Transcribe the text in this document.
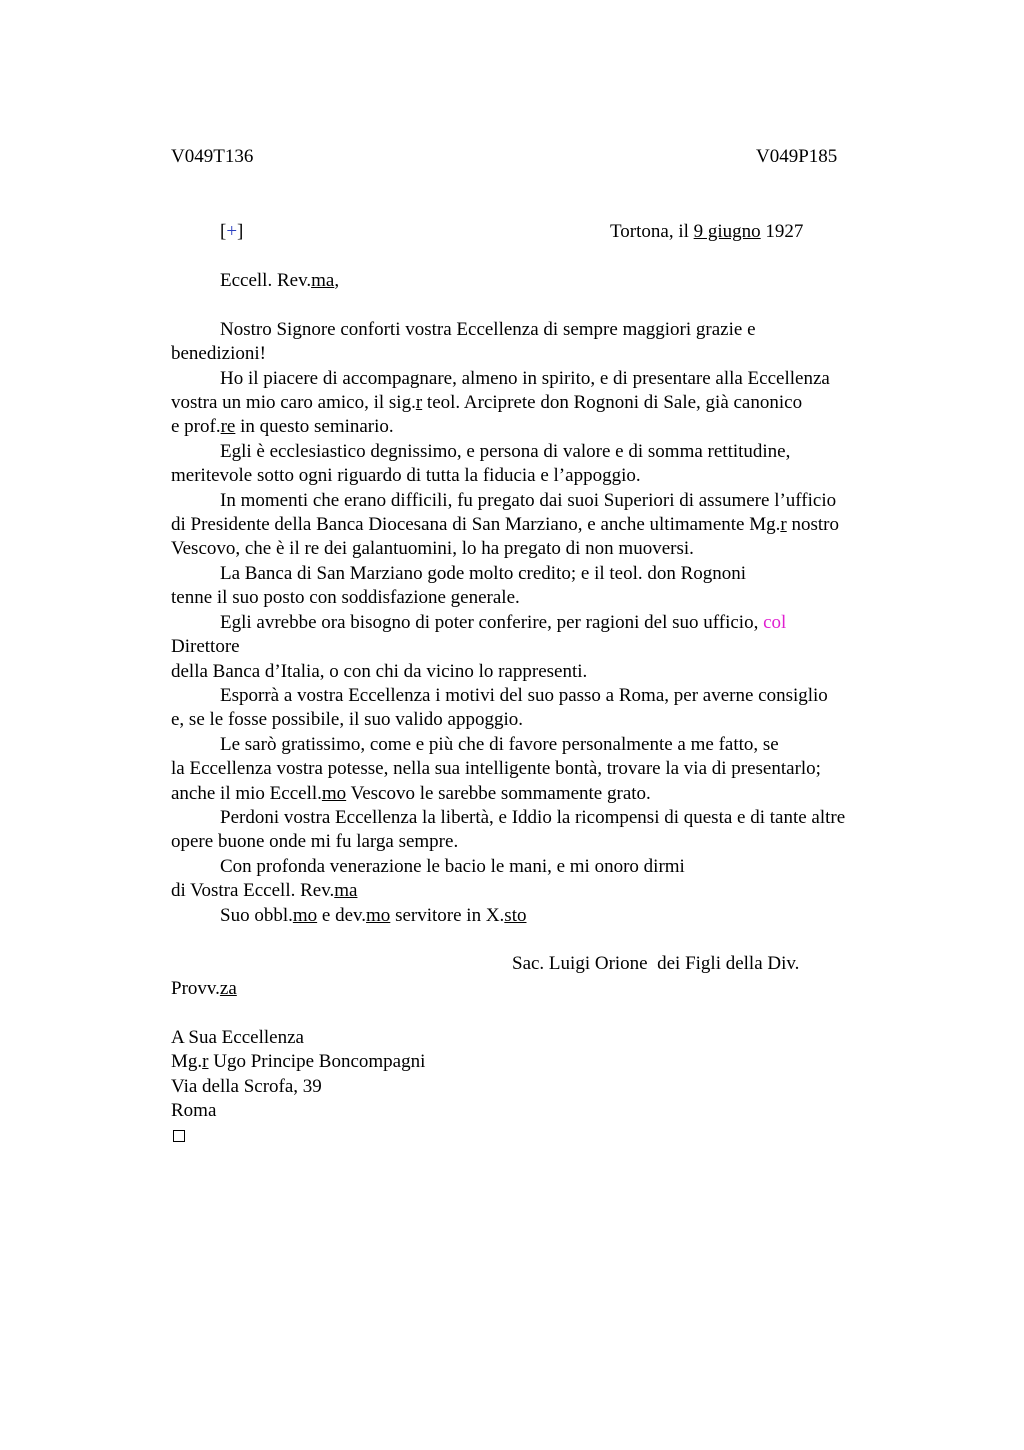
V049T136	V049P185
[+]	Tortona, il 9 giugno 1927
Eccell. Rev.ma,
Nostro Signore conforti vostra Eccellenza di sempre maggiori grazie e
benedizioni!
Ho il piacere di accompagnare, almeno in spirito, e di presentare alla Eccellenza
vostra un mio caro amico, il sig.r teol. Arciprete don Rognoni di Sale, già canonico
e prof.re in questo seminario.
Egli è ecclesiastico degnissimo, e persona di valore e di somma rettitudine,
meritevole sotto ogni riguardo di tutta la fiducia e l’appoggio.
In momenti che erano difficili, fu pregato dai suoi Superiori di assumere l’ufficio
di Presidente della Banca Diocesana di San Marziano, e anche ultimamente Mg.r nostro
Vescovo, che è il re dei galantuomini, lo ha pregato di non muoversi.
La Banca di San Marziano gode molto credito; e il teol. don Rognoni
tenne il suo posto con soddisfazione generale.
Egli avrebbe ora bisogno di poter conferire, per ragioni del suo ufficio, col
Direttore
della Banca d’Italia, o con chi da vicino lo rappresenti.
Esporrà a vostra Eccellenza i motivi del suo passo a Roma, per averne consiglio
e, se le fosse possibile, il suo valido appoggio.
Le sarò gratissimo, come e più che di favore personalmente a me fatto, se
la Eccellenza vostra potesse, nella sua intelligente bontà, trovare la via di presentarlo;
anche il mio Eccell.mo Vescovo le sarebbe sommamente grato.
Perdoni vostra Eccellenza la libertà, e Iddio la ricompensi di questa e di tante altre
opere buone onde mi fu larga sempre.
Con profonda venerazione le bacio le mani, e mi onoro dirmi
di Vostra Eccell. Rev.ma
Suo obbl.mo e dev.mo servitore in X.sto
Sac. Luigi Orione  dei Figli della Div.
Provv.za
A Sua Eccellenza
Mg.r Ugo Principe Boncompagni
Via della Scrofa, 39
Roma
